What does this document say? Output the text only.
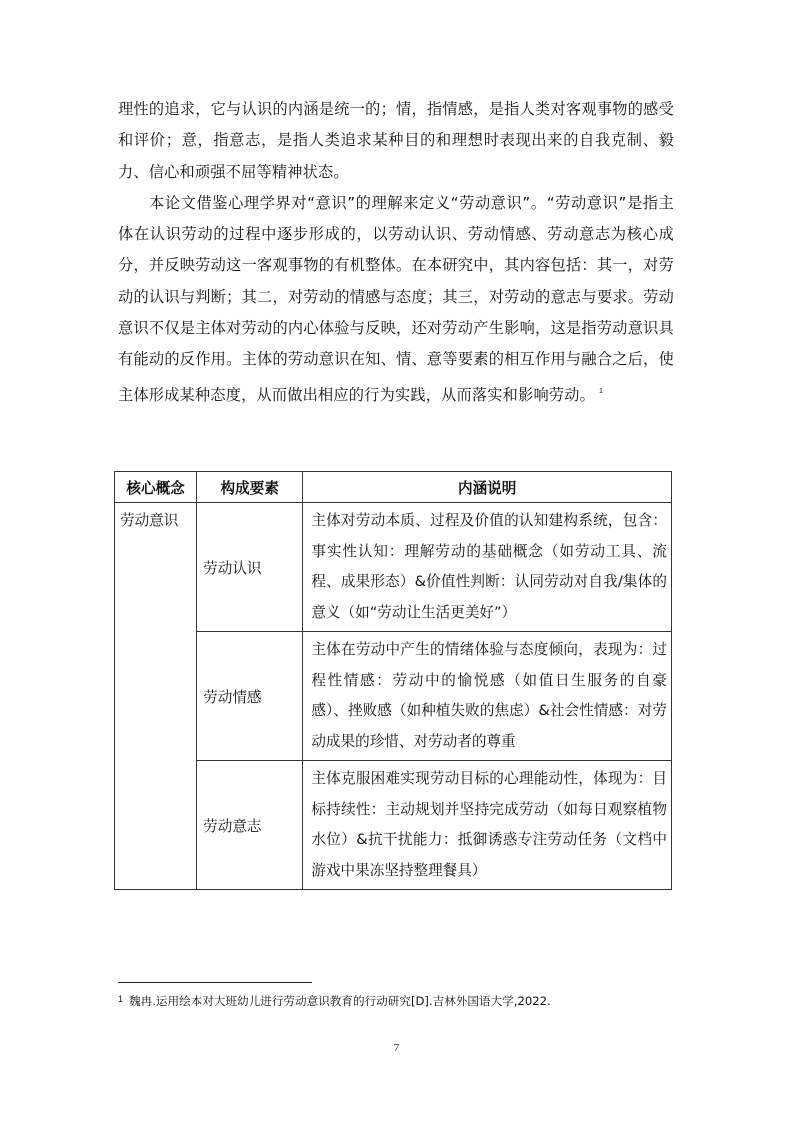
理性的追求，它与认识的内涵是统一的；情，指情感，是指人类对客观事物的感受和评价；意，指意志，是指人类追求某种目的和理想时表现出来的自我克制、毅力、信心和顽强不屈等精神状态。

本论文借鉴心理学界对“意识”的理解来定义“劳动意识”。“劳动意识”是指主体在认识劳动的过程中逐步形成的，以劳动认识、劳动情感、劳动意志为核心成分，并反映劳动这一客观事物的有机整体。在本研究中，其内容包括：其一，对劳动的认识与判断；其二，对劳动的情感与态度；其三，对劳动的意志与要求。劳动意识不仅是主体对劳动的内心体验与反映，还对劳动产生影响，这是指劳动意识具有能动的反作用。主体的劳动意识在知、情、意等要素的相互作用与融合之后，使主体形成某种态度，从而做出相应的行为实践，从而落实和影响劳动。 $^1$

核心概念	构成要素	内涵说明
劳动意识	劳动认识	主体对劳动本质、过程及价值的认知建构系统，包含：事实性认知：理解劳动的基础概念（如劳动工具、流程、成果形态）&价值性判断：认同劳动对自我/集体的意义（如“劳动让生活更美好”）
	劳动情感	主体在劳动中产生的情绪体验与态度倾向，表现为：过程性情感：劳动中的愉悦感（如值日生服务的自豪感）、挫败感（如种植失败的焦虑）&社会性情感：对劳动成果的珍惜、对劳动者的尊重
	劳动意志	主体克服困难实现劳动目标的心理能动性，体现为：目标持续性：主动规划并坚持完成劳动（如每日观察植物水位）&抗干扰能力：抵御诱惑专注劳动任务（文档中游戏中果冻坚持整理餐具）
$^1$ 魏冉.运用绘本对大班幼儿进行劳动意识教育的行动研究[D].吉林外国语大学,2022.
7
